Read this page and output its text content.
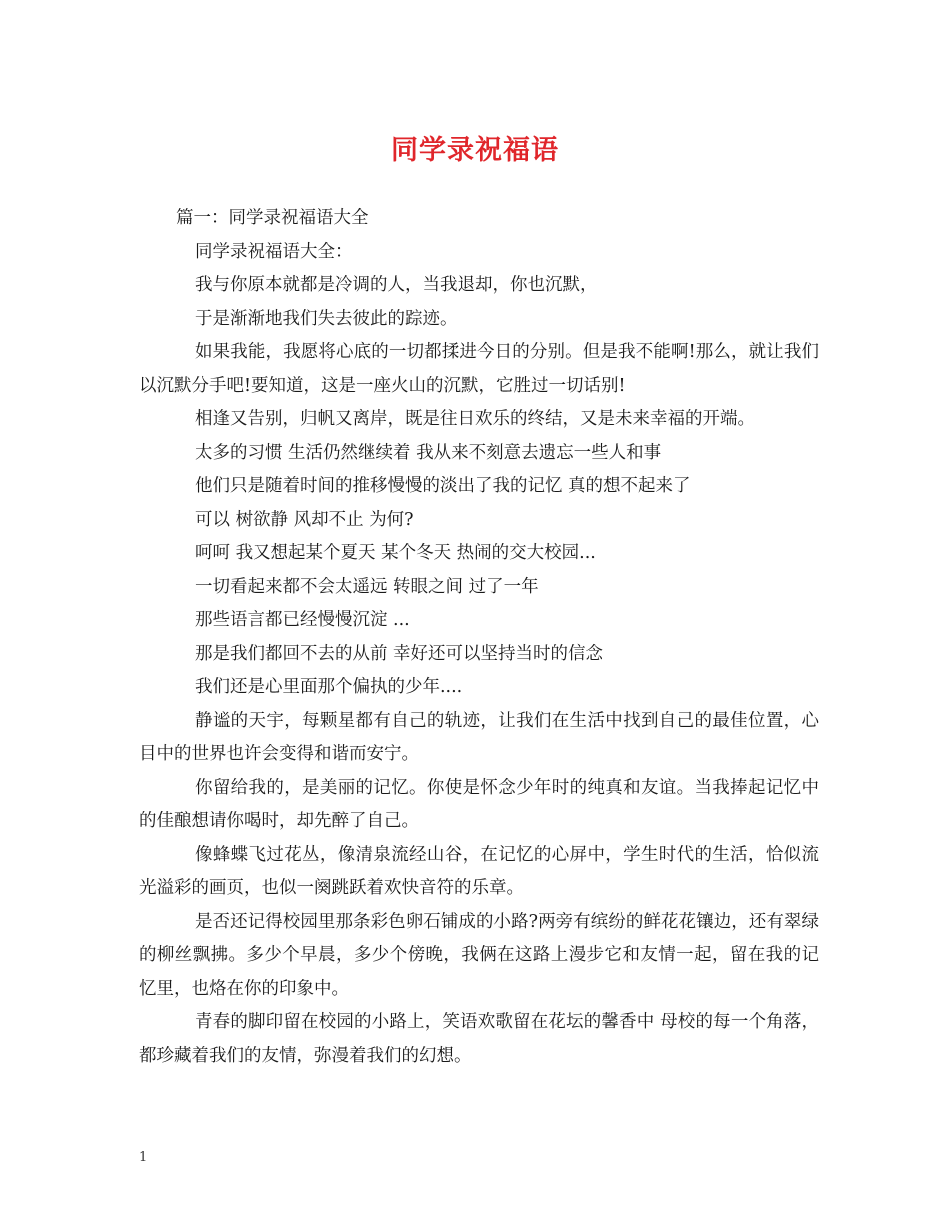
同学录祝福语
篇一：同学录祝福语大全
同学录祝福语大全：
我与你原本就都是冷调的人，当我退却，你也沉默，
于是渐渐地我们失去彼此的踪迹。

如果我能，我愿将心底的一切都揉进今日的分别。但是我不能啊!那么，就让我们以沉默分手吧!要知道，这是一座火山的沉默，它胜过一切话别!

相逢又告别，归帆又离岸，既是往日欢乐的终结，又是未来幸福的开端。
太多的习惯 生活仍然继续着 我从来不刻意去遗忘一些人和事
他们只是随着时间的推移慢慢的淡出了我的记忆 真的想不起来了
可以 树欲静 风却不止 为何?
呵呵 我又想起某个夏天 某个冬天 热闹的交大校园...
一切看起来都不会太遥远 转眼之间 过了一年
那些语言都已经慢慢沉淀 ...
那是我们都回不去的从前 幸好还可以坚持当时的信念
我们还是心里面那个偏执的少年....

静谧的天宇，每颗星都有自己的轨迹，让我们在生活中找到自己的最佳位置，心目中的世界也许会变得和谐而安宁。

你留给我的，是美丽的记忆。你使是怀念少年时的纯真和友谊。当我捧起记忆中的佳酿想请你喝时，却先醉了自己。

像蜂蝶飞过花丛，像清泉流经山谷，在记忆的心屏中，学生时代的生活，恰似流光溢彩的画页，也似一阕跳跃着欢快音符的乐章。

是否还记得校园里那条彩色卵石铺成的小路?两旁有缤纷的鲜花花镶边，还有翠绿的柳丝飘拂。多少个早晨，多少个傍晚，我俩在这路上漫步它和友情一起，留在我的记忆里，也烙在你的印象中。

青春的脚印留在校园的小路上，笑语欢歌留在花坛的馨香中 母校的每一个角落，都珍藏着我们的友情，弥漫着我们的幻想。

1
